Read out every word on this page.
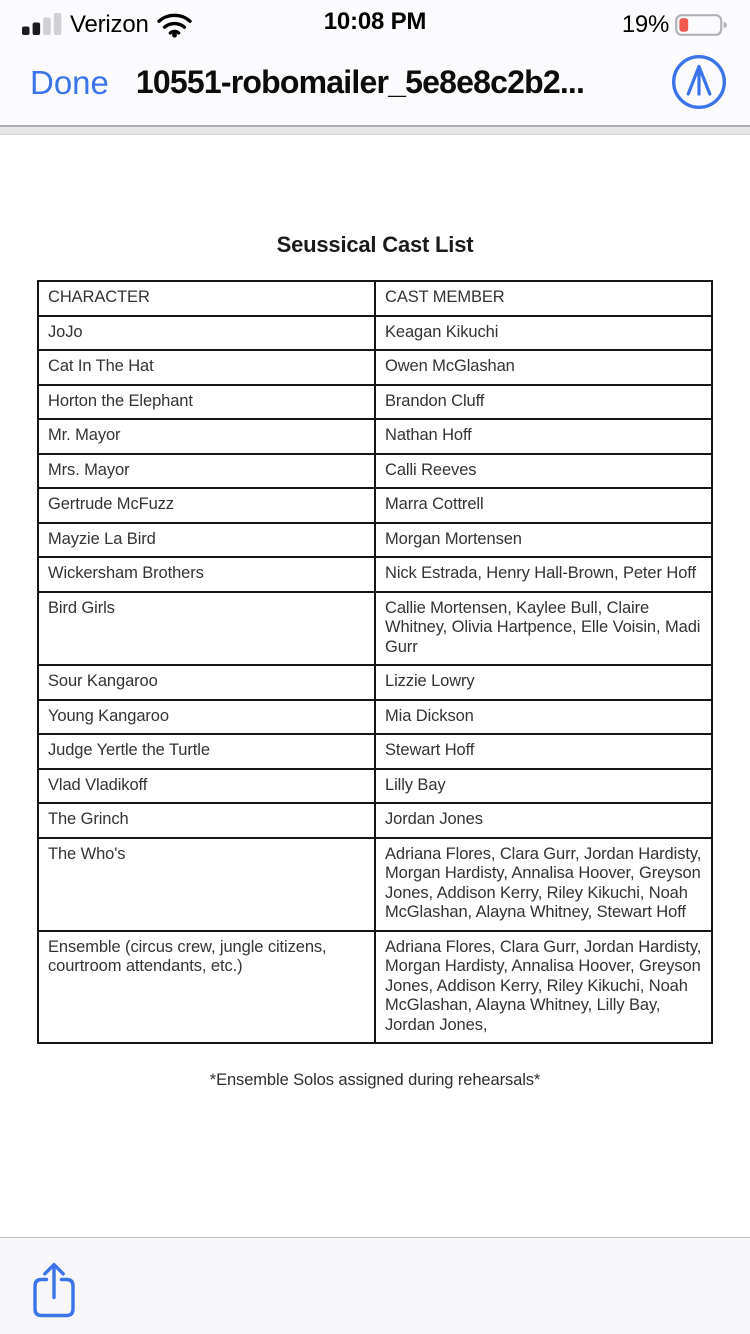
Verizon	10:08 PM	19%
Done 10551-robomailer_5e8e8c2b2...
Seussical Cast List
CHARACTER	CAST MEMBER
JoJo	Keagan Kikuchi
Cat In The Hat	Owen McGlashan
Horton the Elephant	Brandon Cluff
Mr. Mayor	Nathan Hoff
Mrs. Mayor	Calli Reeves
Gertrude McFuzz	Marra Cottrell
Mayzie La Bird	Morgan Mortensen
Wickersham Brothers	Nick Estrada, Henry Hall-Brown, Peter Hoff
Bird Girls	Callie Mortensen, Kaylee Bull, Claire Whitney, Olivia Hartpence, Elle Voisin, Madi Gurr
Sour Kangaroo	Lizzie Lowry
Young Kangaroo	Mia Dickson
Judge Yertle the Turtle	Stewart Hoff
Vlad Vladikoff	Lilly Bay
The Grinch	Jordan Jones
The Who's	Adriana Flores, Clara Gurr, Jordan Hardisty, Morgan Hardisty, Annalisa Hoover, Greyson Jones, Addison Kerry, Riley Kikuchi, Noah McGlashan, Alayna Whitney, Stewart Hoff
Ensemble (circus crew, jungle citizens, courtroom attendants, etc.)	Adriana Flores, Clara Gurr, Jordan Hardisty, Morgan Hardisty, Annalisa Hoover, Greyson Jones, Addison Kerry, Riley Kikuchi, Noah McGlashan, Alayna Whitney, Lilly Bay, Jordan Jones,

*Ensemble Solos assigned during rehearsals*
